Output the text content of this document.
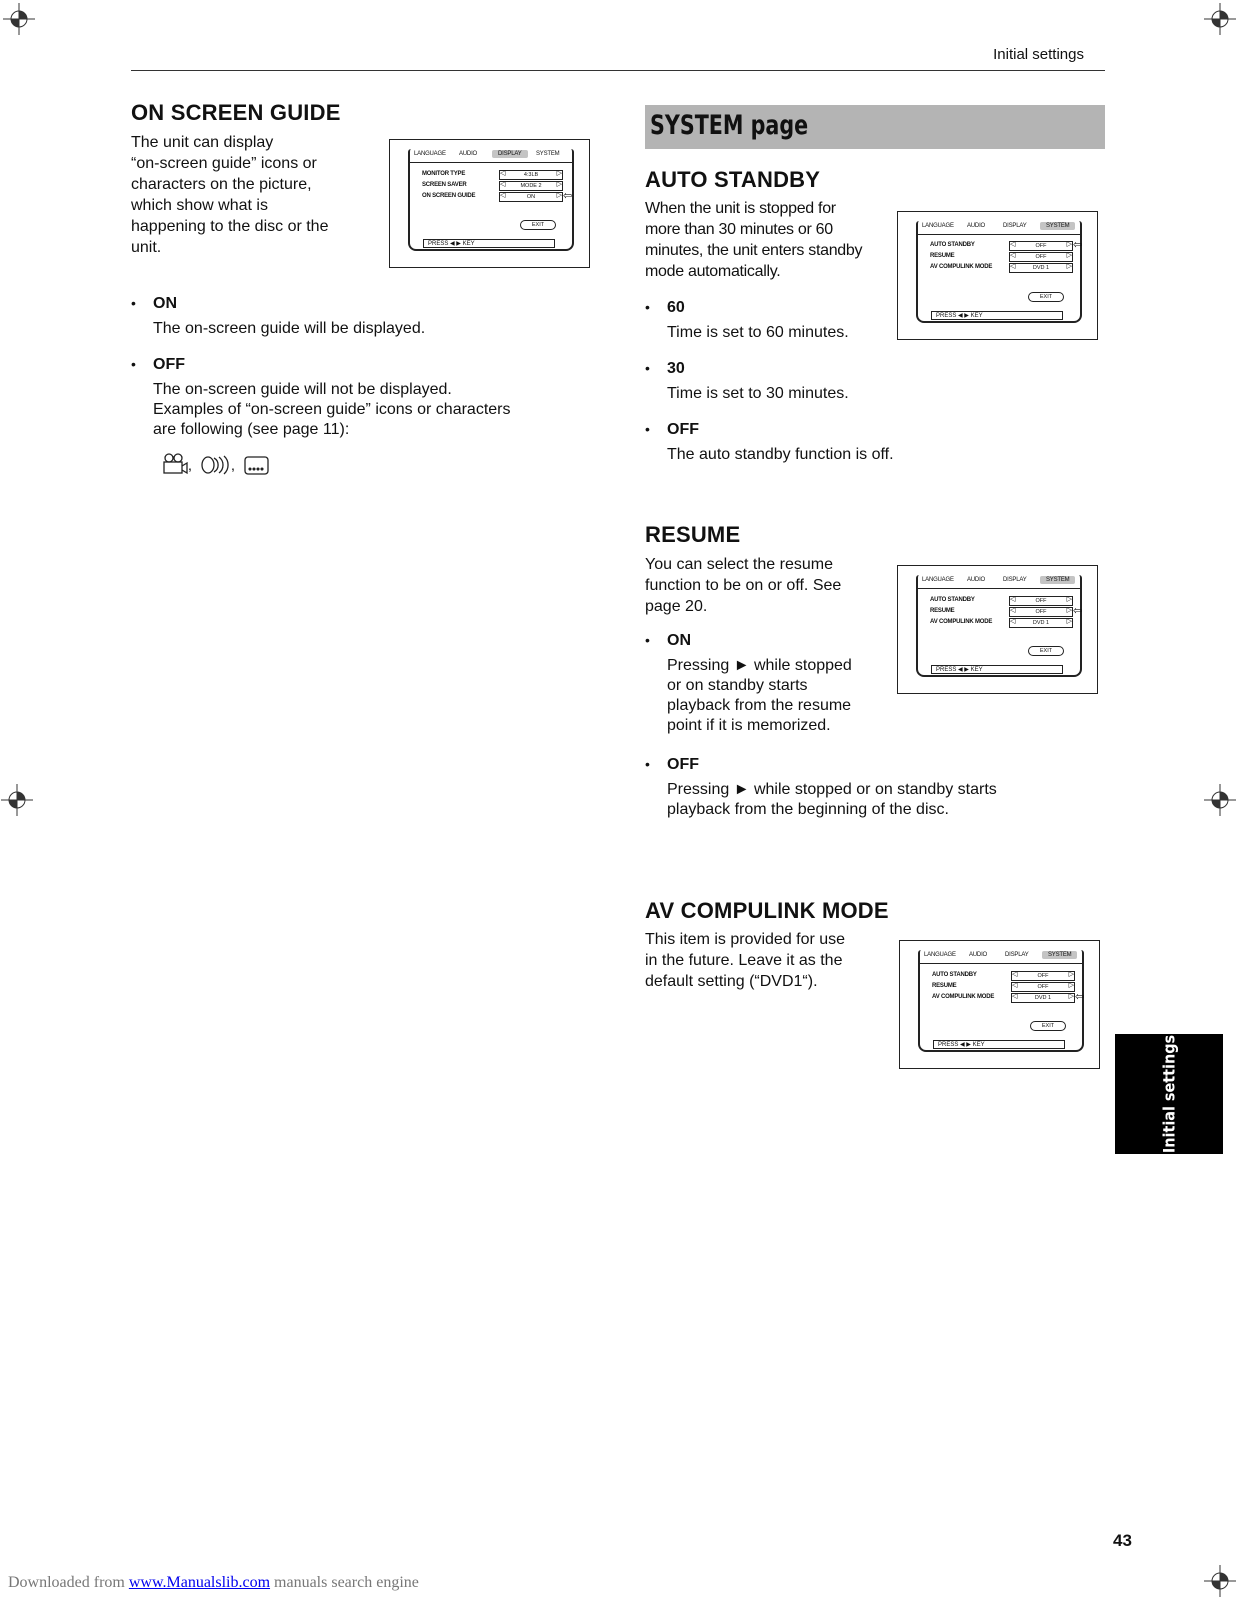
Initial settings
ON SCREEN GUIDE
The unit can display
“on-screen guide” icons or
characters on the picture,
which show what is
happening to the disc or the
unit.
LANGUAGE AUDIO	DISPLAY	SYSTEM
MONITOR TYPE	◁ 4:3LB ▷
SCREEN SAVER	◁ MODE 2 ▷
ON SCREEN GUIDE	◁ ON ▷	⇦
EXIT
PRESS ◀ ▶ KEY
• ON
The on-screen guide will be displayed.
• OFF
The on-screen guide will not be displayed.
Examples of “on-screen guide” icons or characters
are following (see page 11):
,	,
SYSTEM page
AUTO STANDBY
When the unit is stopped for
more than 30 minutes or 60
minutes, the unit enters standby
mode automatically.
LANGUAGE AUDIO	DISPLAY	SYSTEM
AUTO STANDBY	◁ OFF ▷
RESUME	◁ OFF ▷
AV COMPULINK MODE	◁ DVD 1 ▷
⇦
EXIT
PRESS ◀ ▶ KEY
• 60
Time is set to 60 minutes.
• 30
Time is set to 30 minutes.
• OFF
The auto standby function is off.
RESUME
You can select the resume
function to be on or off. See
page 20.
LANGUAGE AUDIO	DISPLAY	SYSTEM
AUTO STANDBY	◁ OFF ▷
RESUME	◁ OFF ▷
AV COMPULINK MODE	◁ DVD 1 ▷
⇦
EXIT
PRESS ◀ ▶ KEY
• ON
Pressing ► while stopped
or on standby starts
playback from the resume
point if it is memorized.
• OFF
Pressing ► while stopped or on standby starts
playback from the beginning of the disc.
AV COMPULINK MODE
This item is provided for use
in the future. Leave it as the
default setting (“DVD1“).
LANGUAGE AUDIO	DISPLAY	SYSTEM
AUTO STANDBY	◁ OFF ▷
RESUME	◁ OFF ▷
AV COMPULINK MODE	◁ DVD 1 ▷	⇦
EXIT
PRESS ◀ ▶ KEY	Initial settings
43
Downloaded from www.Manualslib.com manuals search engine
